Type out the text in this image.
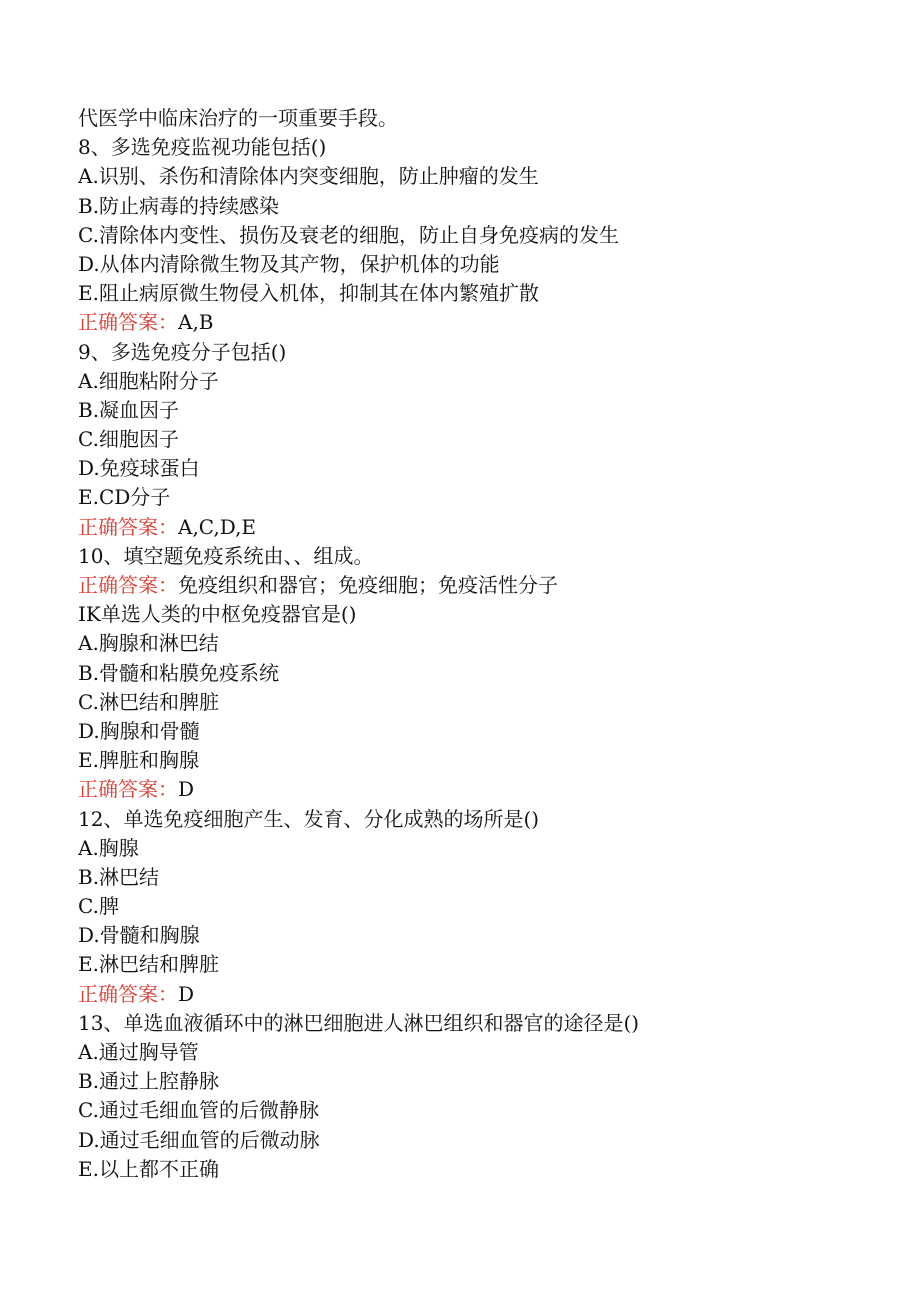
代医学中临床治疗的一项重要手段。
8、多选免疫监视功能包括()
A.识别、杀伤和清除体内突变细胞，防止肿瘤的发生
B.防止病毒的持续感染
C.清除体内变性、损伤及衰老的细胞，防止自身免疫病的发生
D.从体内清除微生物及其产物，保护机体的功能
E.阻止病原微生物侵入机体，抑制其在体内繁殖扩散
正确答案：A,B
9、多选免疫分子包括()
A.细胞粘附分子
B.凝血因子
C.细胞因子
D.免疫球蛋白
E.CD分子
正确答案：A,C,D,E
10、填空题免疫系统由、、组成。
正确答案：免疫组织和器官；免疫细胞；免疫活性分子
IK单选人类的中枢免疫器官是()
A.胸腺和淋巴结
B.骨髓和粘膜免疫系统
C.淋巴结和脾脏
D.胸腺和骨髓
E.脾脏和胸腺
正确答案：D
12、单选免疫细胞产生、发育、分化成熟的场所是()
A.胸腺
B.淋巴结
C.脾
D.骨髓和胸腺
E.淋巴结和脾脏
正确答案：D
13、单选血液循环中的淋巴细胞进人淋巴组织和器官的途径是()
A.通过胸导管
B.通过上腔静脉
C.通过毛细血管的后微静脉
D.通过毛细血管的后微动脉
E.以上都不正确
